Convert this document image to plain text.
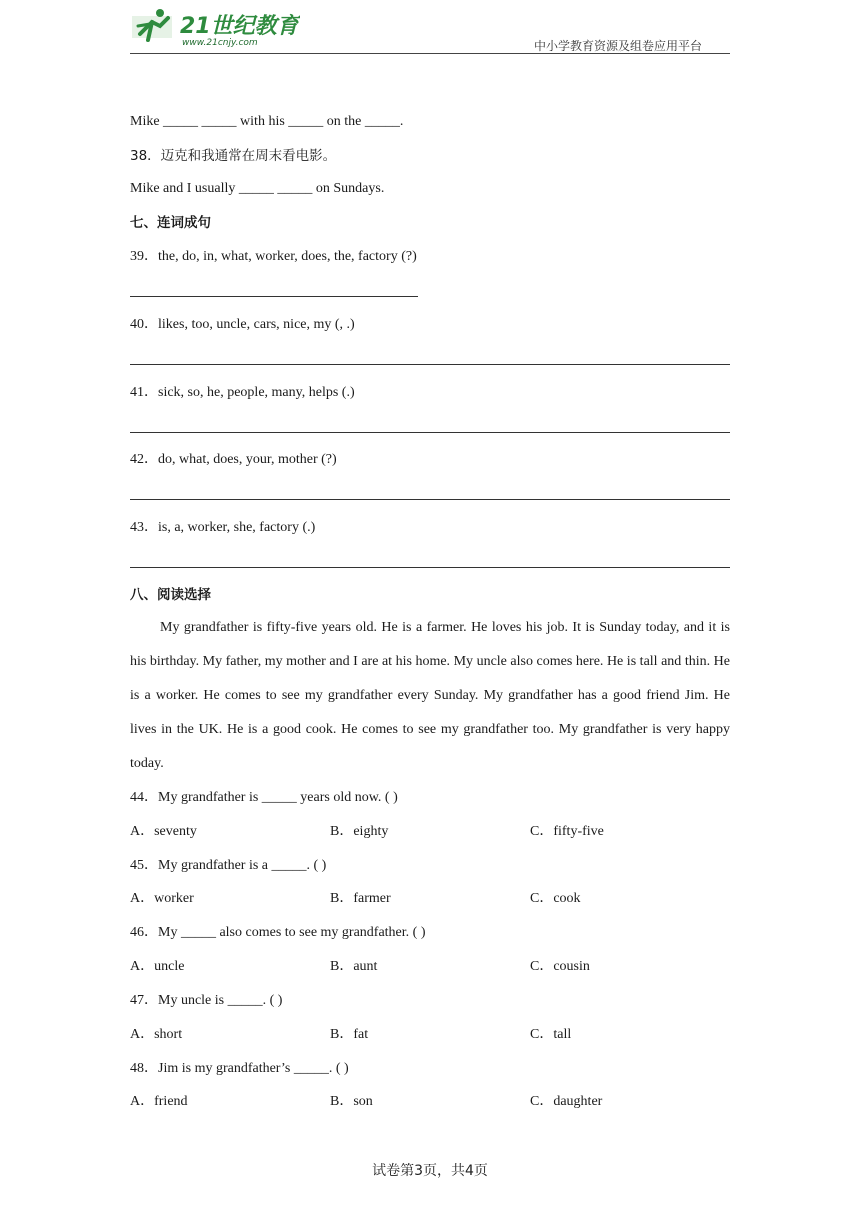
21世纪教育
www.21cnjy.com	中小学教育资源及组卷应用平台
Mike _____ _____ with his _____ on the _____.
38．迈克和我通常在周末看电影。
Mike and I usually _____ _____ on Sundays.
七、连词成句
39．the, do, in, what, worker, does, the, factory (?)
40．likes, too, uncle, cars, nice, my (, .)
41．sick, so, he, people, many, helps (.)
42．do, what, does, your, mother (?)
43．is, a, worker, she, factory (.)
八、阅读选择
My grandfather is fifty-five years old. He is a farmer. He loves his job. It is Sunday today, and it is his birthday. My father, my mother and I are at his home. My uncle also comes here. He is tall and thin. He is a worker. He comes to see my grandfather every Sunday. My grandfather has a good friend Jim. He lives in the UK. He is a good cook. He comes to see my grandfather too. My grandfather is very happy today.
44．My grandfather is _____ years old now. ( )
A．seventy	B．eighty	C．fifty-five
45．My grandfather is a _____. ( )
A．worker	B．farmer	C．cook
46．My _____ also comes to see my grandfather. ( )
A．uncle	B．aunt	C．cousin
47．My uncle is _____. ( )
A．short	B．fat	C．tall
48．Jim is my grandfather’s _____. ( )
A．friend	B．son	C．daughter
试卷第3页，共4页
